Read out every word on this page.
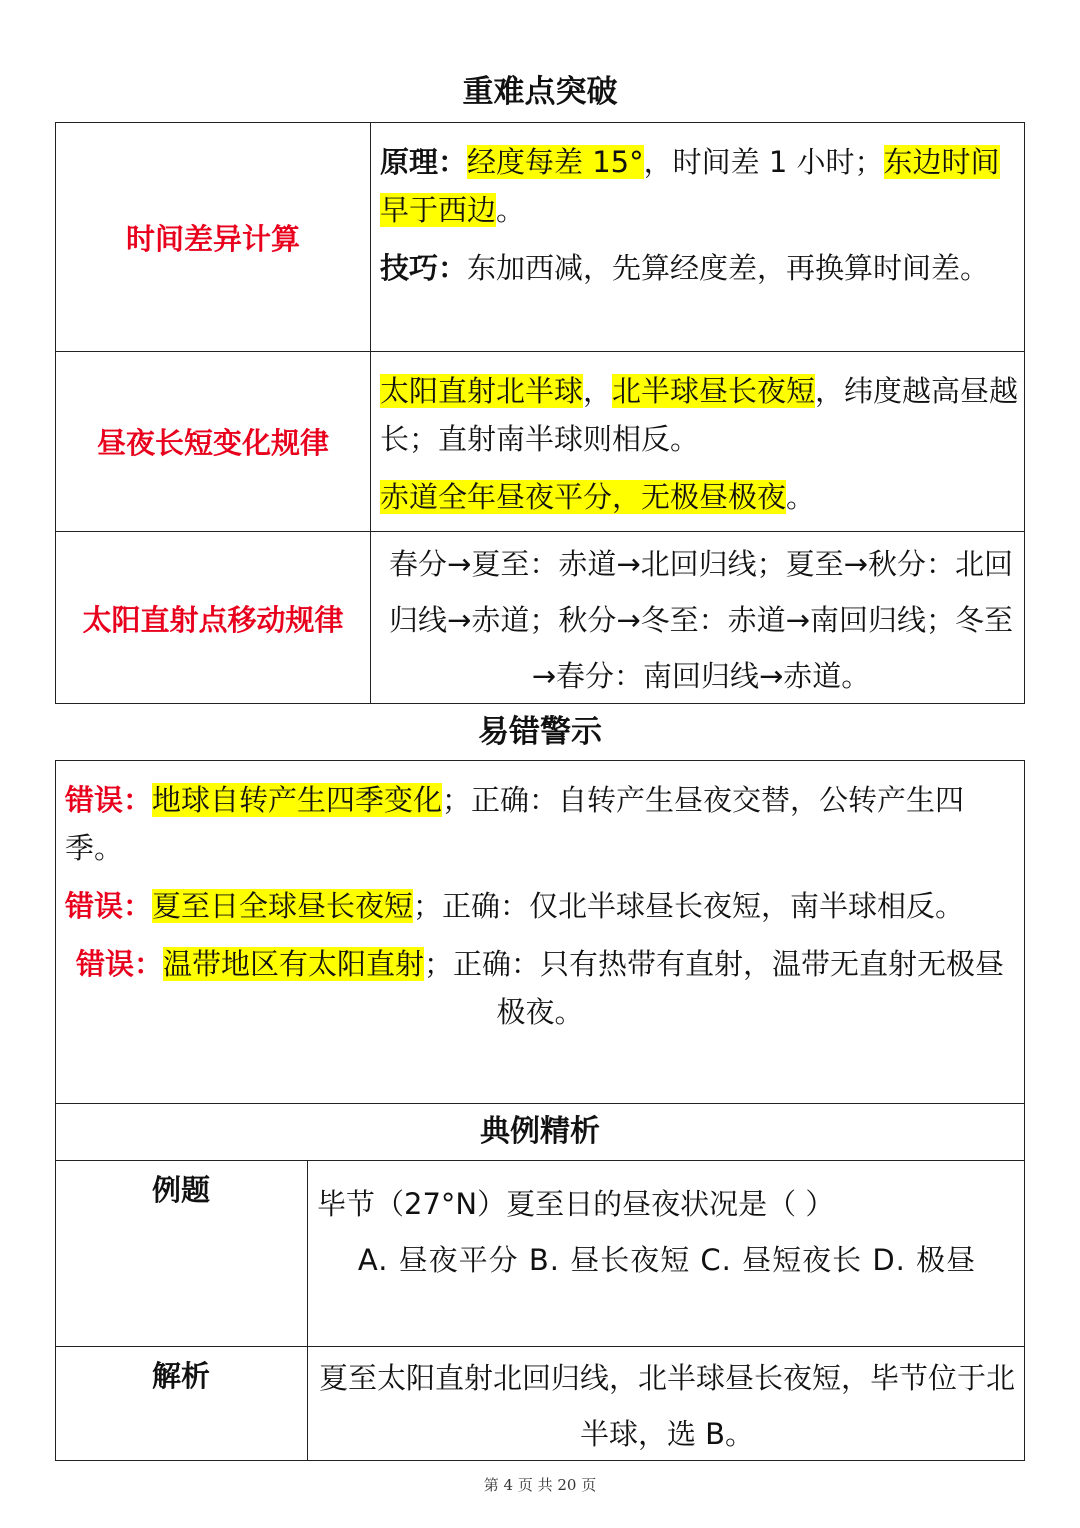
重难点突破
时间差异计算

原理：经度每差 15°，时间差 1 小时；东边时间早于西边。

技巧：东加西减，先算经度差，再换算时间差。

昼夜长短变化规律

太阳直射北半球，北半球昼长夜短，纬度越高昼越长；直射南半球则相反。

赤道全年昼夜平分，无极昼极夜。

太阳直射点移动规律
春分→夏至：赤道→北回归线；夏至→秋分：北回归线→赤道；秋分→冬至：赤道→南回归线；冬至→春分：南回归线→赤道。
易错警示

错误：地球自转产生四季变化；正确：自转产生昼夜交替，公转产生四季。

错误：夏至日全球昼长夜短；正确：仅北半球昼长夜短，南半球相反。

错误：温带地区有太阳直射；正确：只有热带有直射，温带无直射无极昼极夜。

典例精析
例题	毕节（27°N）夏至日的昼夜状况是（ ）
A. 昼夜平分 B. 昼长夜短 C. 昼短夜长 D. 极昼
解析	夏至太阳直射北回归线，北半球昼长夜短，毕节位于北半球，选 B。
第 4 页 共 20 页
